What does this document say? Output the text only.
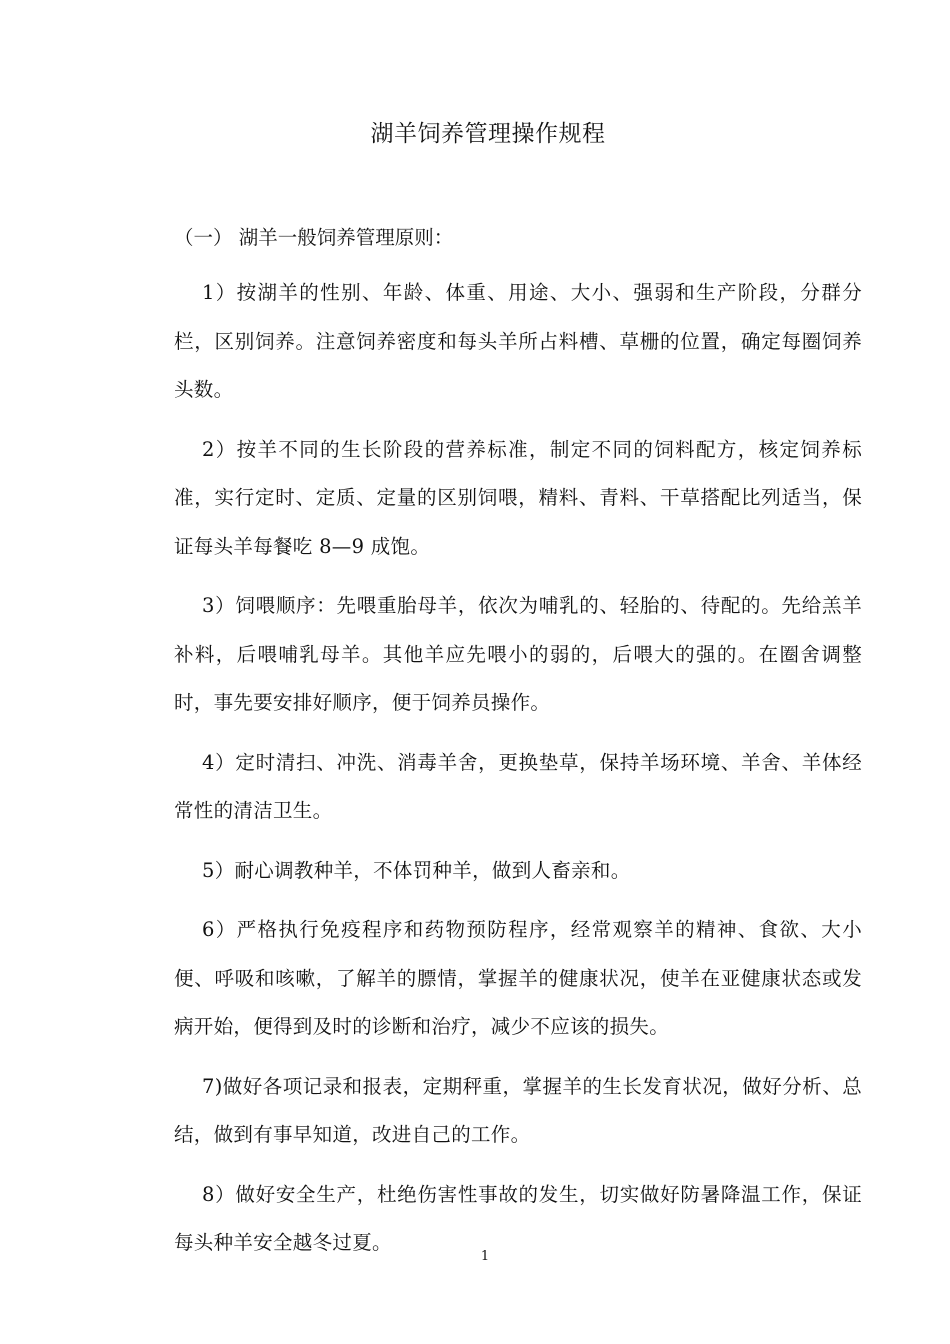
湖羊饲养管理操作规程
（一） 湖羊一般饲养管理原则：

1）按湖羊的性别、年龄、体重、用途、大小、强弱和生产阶段，分群分栏，区别饲养。注意饲养密度和每头羊所占料槽、草栅的位置，确定每圈饲养头数。

2）按羊不同的生长阶段的营养标准，制定不同的饲料配方，核定饲养标准，实行定时、定质、定量的区别饲喂，精料、青料、干草搭配比列适当，保证每头羊每餐吃 8—9 成饱。

3）饲喂顺序：先喂重胎母羊，依次为哺乳的、轻胎的、待配的。先给羔羊补料，后喂哺乳母羊。其他羊应先喂小的弱的，后喂大的强的。在圈舍调整时，事先要安排好顺序，便于饲养员操作。

4）定时清扫、冲洗、消毒羊舍，更换垫草，保持羊场环境、羊舍、羊体经常性的清洁卫生。

5）耐心调教种羊，不体罚种羊，做到人畜亲和。

6）严格执行免疫程序和药物预防程序，经常观察羊的精神、食欲、大小便、呼吸和咳嗽，了解羊的膘情，掌握羊的健康状况，使羊在亚健康状态或发病开始，便得到及时的诊断和治疗，减少不应该的损失。

7)做好各项记录和报表，定期秤重，掌握羊的生长发育状况，做好分析、总结，做到有事早知道，改进自己的工作。

8）做好安全生产，杜绝伤害性事故的发生，切实做好防暑降温工作，保证每头种羊安全越冬过夏。

1
